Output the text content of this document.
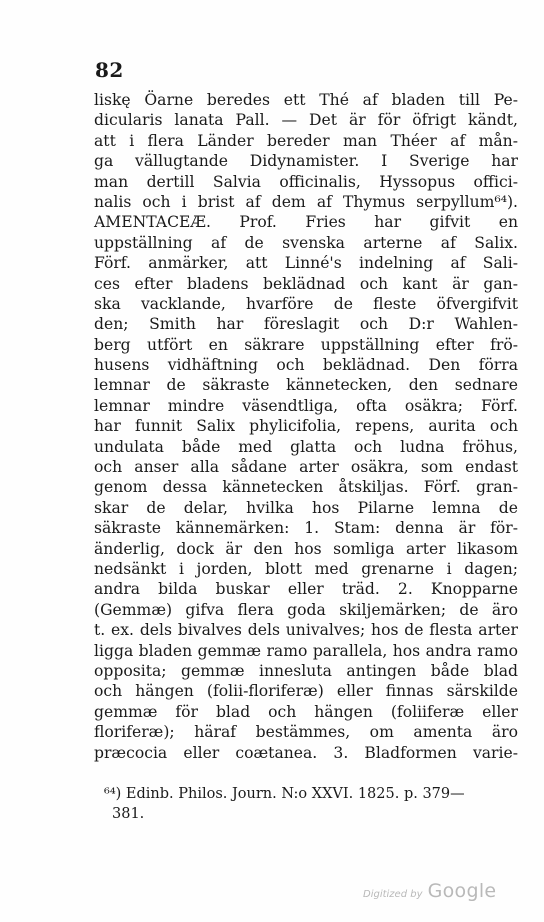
82
liskę Öarne beredes ett Thé af bladen till Pe-
dicularis lanata Pall. — Det är för öfrigt kändt,
att i flera Länder bereder man Théer af mån-
ga vällugtande Didynamister. I Sverige har
man dertill Salvia officinalis, Hyssopus offici-
nalis och i brist af dem af Thymus serpyllum⁶⁴).
AMENTACEÆ. Prof. Fries har gifvit en
uppställning af de svenska arterne af Salix.
Förf. anmärker, att Linné's indelning af Sali-
ces efter bladens beklädnad och kant är gan-
ska vacklande, hvarföre de fleste öfvergifvit
den; Smith har föreslagit och D:r Wahlen-
berg utfört en säkrare uppställning efter frö-
husens vidhäftning och beklädnad. Den förra
lemnar de säkraste kännetecken, den sednare
lemnar mindre väsendtliga, ofta osäkra; Förf.
har funnit Salix phylicifolia, repens, aurita och
undulata både med glatta och ludna fröhus,
och anser alla sådane arter osäkra, som endast
genom dessa kännetecken åtskiljas. Förf. gran-
skar de delar, hvilka hos Pilarne lemna de
säkraste kännemärken: 1. Stam: denna är för-
änderlig, dock är den hos somliga arter likasom
nedsänkt i jorden, blott med grenarne i dagen;
andra bilda buskar eller träd. 2. Knopparne
(Gemmæ) gifva flera goda skiljemärken; de äro
t. ex. dels bivalves dels univalves; hos de flesta arter
ligga bladen gemmæ ramo parallela, hos andra ramo
opposita; gemmæ innesluta antingen både blad
och hängen (folii-floriferæ) eller finnas särskilde
gemmæ för blad och hängen (foliiferæ eller
floriferæ); häraf bestämmes, om amenta äro
præcocia eller coætanea. 3. Bladformen varie-
⁶⁴) Edinb. Philos. Journ. N:o XXVI. 1825. p. 379—
381.
Digitized by Google
